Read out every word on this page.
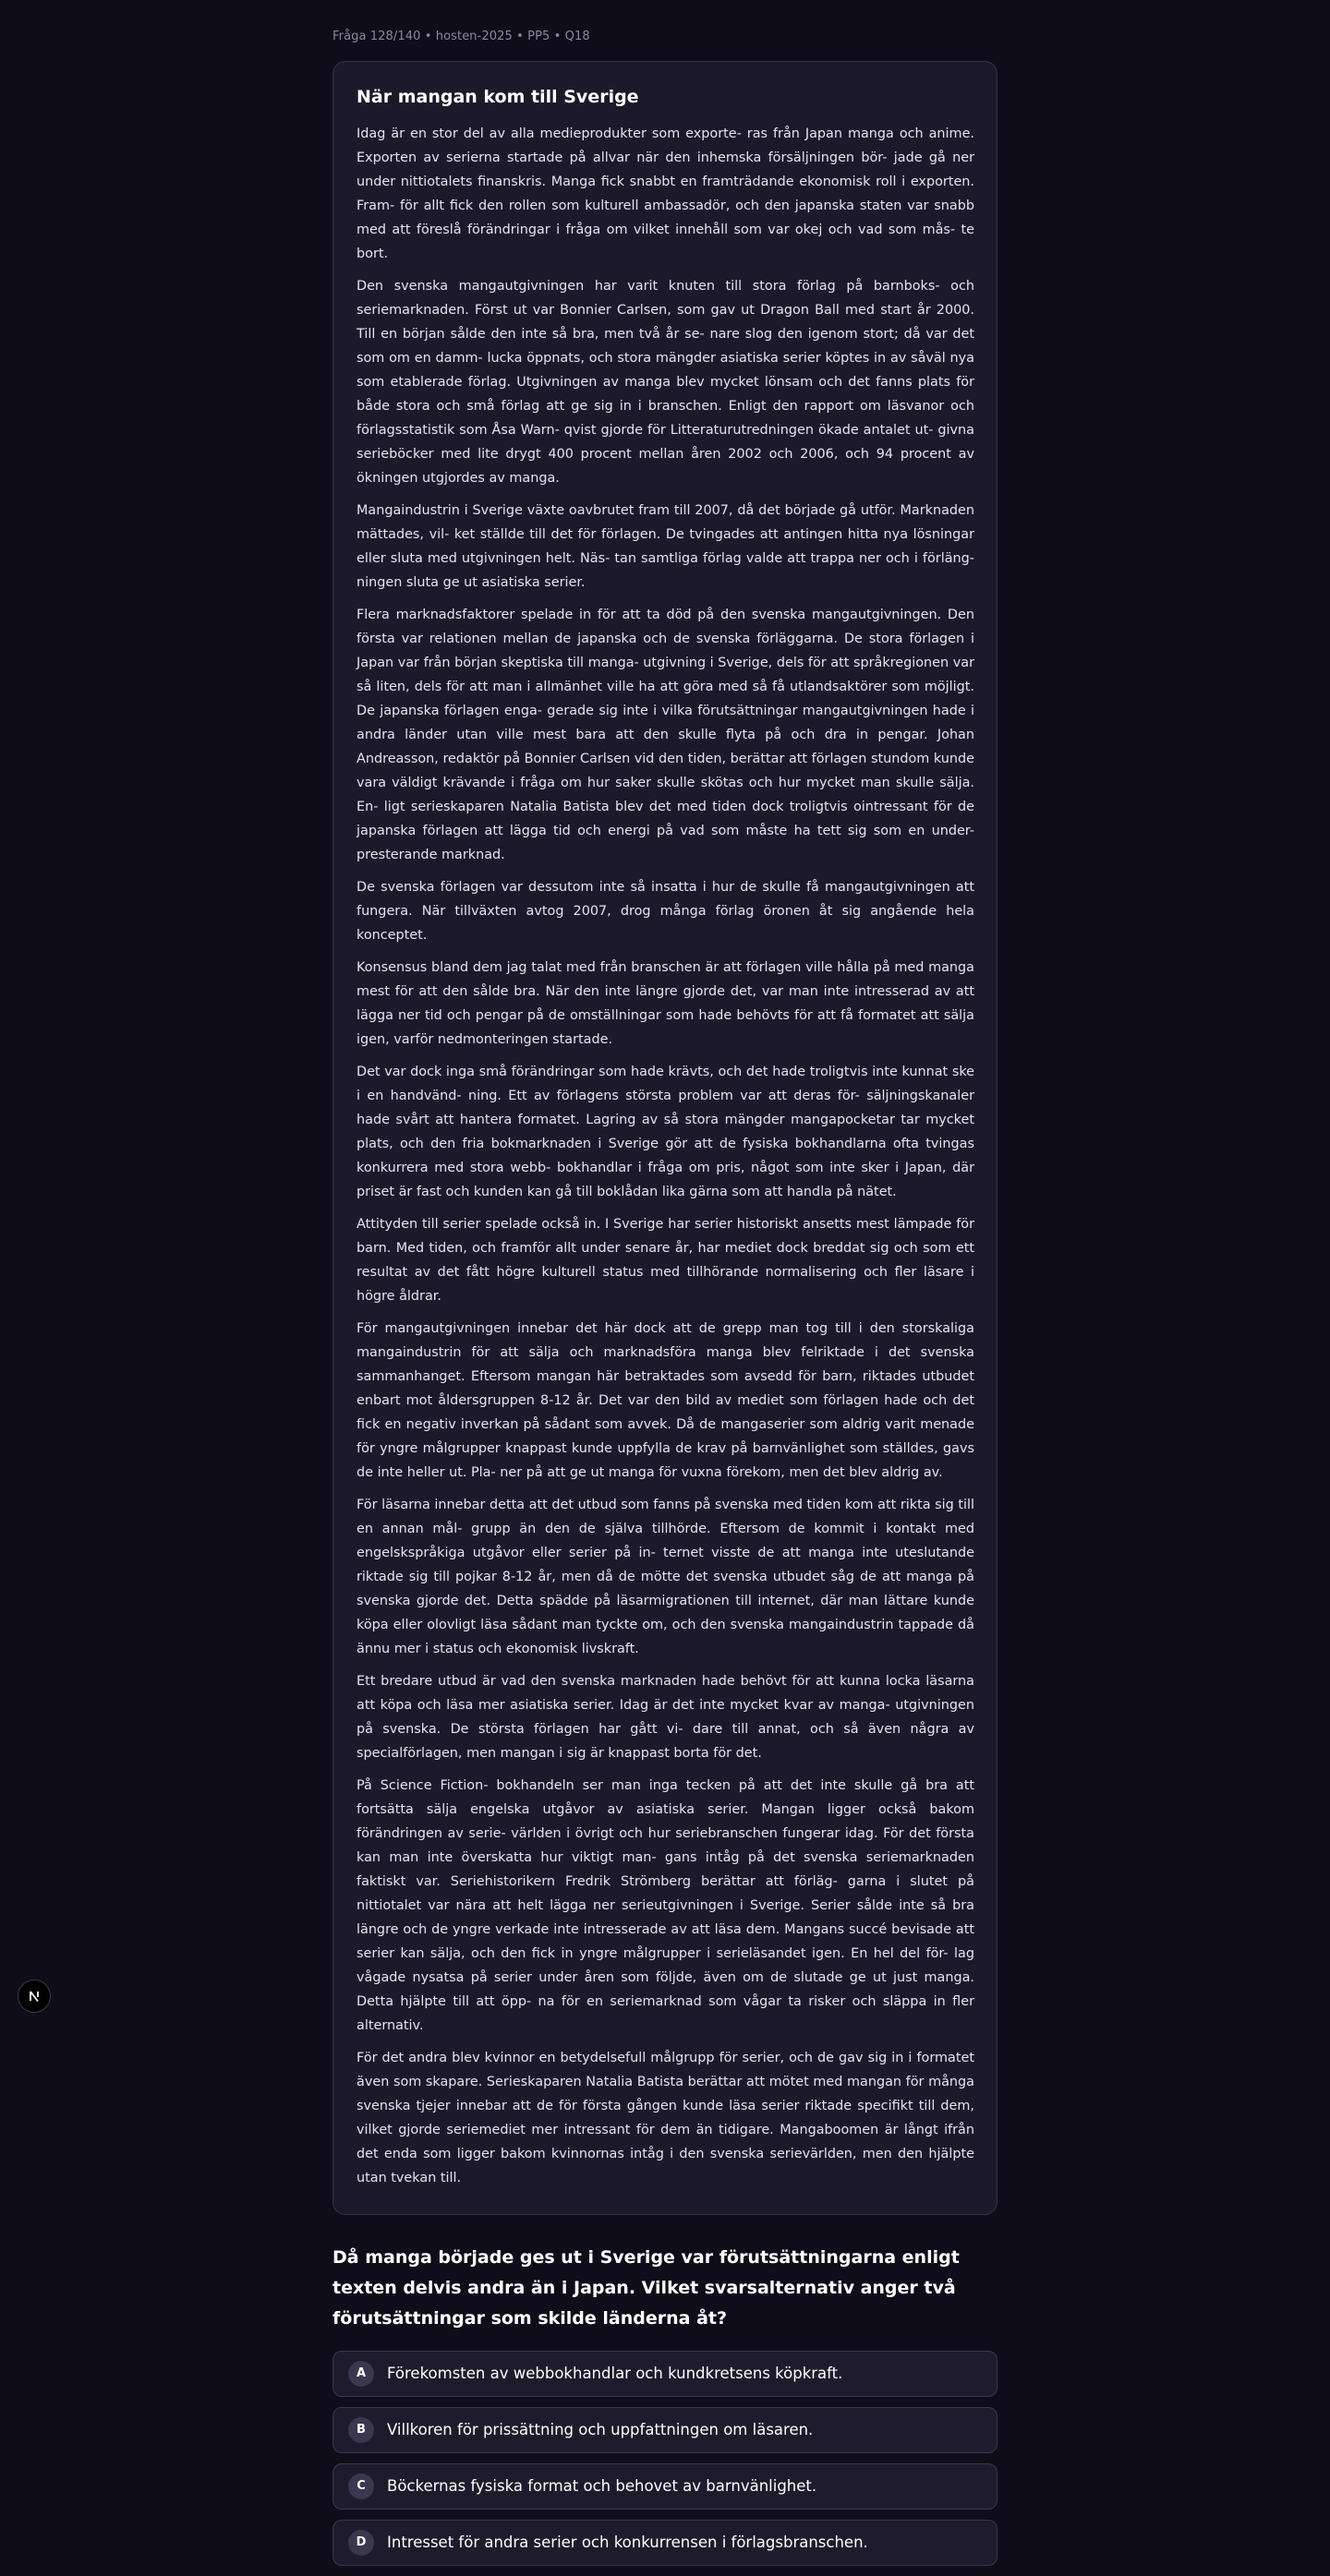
Fråga 128/140 • hosten-2025 • PP5 • Q18
När mangan kom till Sverige

Idag är en stor del av alla medieprodukter som exporte- ras från Japan manga och anime. Exporten av serierna startade på allvar när den inhemska försäljningen bör- jade gå ner under nittiotalets finanskris. Manga fick snabbt en framträdande ekonomisk roll i exporten. Fram- för allt fick den rollen som kulturell ambassadör, och den japanska staten var snabb med att föreslå förändringar i fråga om vilket innehåll som var okej och vad som mås- te bort.

Den svenska mangautgivningen har varit knuten till stora förlag på barnboks- och seriemarknaden. Först ut var Bonnier Carlsen, som gav ut Dragon Ball med start år 2000. Till en början sålde den inte så bra, men två år se- nare slog den igenom stort; då var det som om en damm- lucka öppnats, och stora mängder asiatiska serier köptes in av såväl nya som etablerade förlag. Utgivningen av manga blev mycket lönsam och det fanns plats för både stora och små förlag att ge sig in i branschen. Enligt den rapport om läsvanor och förlagsstatistik som Åsa Warn- qvist gjorde för Litteraturutredningen ökade antalet ut- givna serieböcker med lite drygt 400 procent mellan åren 2002 och 2006, och 94 procent av ökningen utgjordes av manga.

Mangaindustrin i Sverige växte oavbrutet fram till 2007, då det började gå utför. Marknaden mättades, vil- ket ställde till det för förlagen. De tvingades att antingen hitta nya lösningar eller sluta med utgivningen helt. Näs- tan samtliga förlag valde att trappa ner och i förläng- ningen sluta ge ut asiatiska serier.

Flera marknadsfaktorer spelade in för att ta död på den svenska mangautgivningen. Den första var relationen mellan de japanska och de svenska förläggarna. De stora förlagen i Japan var från början skeptiska till manga- utgivning i Sverige, dels för att språkregionen var så liten, dels för att man i allmänhet ville ha att göra med så få utlandsaktörer som möjligt. De japanska förlagen enga- gerade sig inte i vilka förutsättningar mangautgivningen hade i andra länder utan ville mest bara att den skulle flyta på och dra in pengar. Johan Andreasson, redaktör på Bonnier Carlsen vid den tiden, berättar att förlagen stundom kunde vara väldigt krävande i fråga om hur saker skulle skötas och hur mycket man skulle sälja. En- ligt serieskaparen Natalia Batista blev det med tiden dock troligtvis ointressant för de japanska förlagen att lägga tid och energi på vad som måste ha tett sig som en under- presterande marknad.

De svenska förlagen var dessutom inte så insatta i hur de skulle få mangautgivningen att fungera. När tillväxten avtog 2007, drog många förlag öronen åt sig angående hela konceptet.

Konsensus bland dem jag talat med från branschen är att förlagen ville hålla på med manga mest för att den sålde bra. När den inte längre gjorde det, var man inte intresserad av att lägga ner tid och pengar på de omställningar som hade behövts för att få formatet att sälja igen, varför nedmonteringen startade.

Det var dock inga små förändringar som hade krävts, och det hade troligtvis inte kunnat ske i en handvänd- ning. Ett av förlagens största problem var att deras för- säljningskanaler hade svårt att hantera formatet. Lagring av så stora mängder mangapocketar tar mycket plats, och den fria bokmarknaden i Sverige gör att de fysiska bokhandlarna ofta tvingas konkurrera med stora webb- bokhandlar i fråga om pris, något som inte sker i Japan, där priset är fast och kunden kan gå till boklådan lika gärna som att handla på nätet.

Attityden till serier spelade också in. I Sverige har serier historiskt ansetts mest lämpade för barn. Med tiden, och framför allt under senare år, har mediet dock breddat sig och som ett resultat av det fått högre kulturell status med tillhörande normalisering och fler läsare i högre åldrar.

För mangautgivningen innebar det här dock att de grepp man tog till i den storskaliga mangaindustrin för att sälja och marknadsföra manga blev felriktade i det svenska sammanhanget. Eftersom mangan här betraktades som avsedd för barn, riktades utbudet enbart mot åldersgruppen 8-12 år. Det var den bild av mediet som förlagen hade och det fick en negativ inverkan på sådant som avvek. Då de mangaserier som aldrig varit menade för yngre målgrupper knappast kunde uppfylla de krav på barnvänlighet som ställdes, gavs de inte heller ut. Pla- ner på att ge ut manga för vuxna förekom, men det blev aldrig av.

För läsarna innebar detta att det utbud som fanns på svenska med tiden kom att rikta sig till en annan mål- grupp än den de själva tillhörde. Eftersom de kommit i kontakt med engelskspråkiga utgåvor eller serier på in- ternet visste de att manga inte uteslutande riktade sig till pojkar 8-12 år, men då de mötte det svenska utbudet såg de att manga på svenska gjorde det. Detta spädde på läsarmigrationen till internet, där man lättare kunde köpa eller olovligt läsa sådant man tyckte om, och den svenska mangaindustrin tappade då ännu mer i status och ekonomisk livskraft.

Ett bredare utbud är vad den svenska marknaden hade behövt för att kunna locka läsarna att köpa och läsa mer asiatiska serier. Idag är det inte mycket kvar av manga- utgivningen på svenska. De största förlagen har gått vi- dare till annat, och så även några av specialförlagen, men mangan i sig är knappast borta för det.

På Science Fiction- bokhandeln ser man inga tecken på att det inte skulle gå bra att fortsätta sälja engelska utgåvor av asiatiska serier. Mangan ligger också bakom förändringen av serie- världen i övrigt och hur seriebranschen fungerar idag. För det första kan man inte överskatta hur viktigt man- gans intåg på det svenska seriemarknaden faktiskt var. Seriehistorikern Fredrik Strömberg berättar att förläg- garna i slutet på nittiotalet var nära att helt lägga ner serieutgivningen i Sverige. Serier sålde inte så bra längre och de yngre verkade inte intresserade av att läsa dem. Mangans succé bevisade att serier kan sälja, och den fick in yngre målgrupper i serieläsandet igen. En hel del för- lag vågade nysatsa på serier under åren som följde, även om de slutade ge ut just manga. Detta hjälpte till att öpp- na för en seriemarknad som vågar ta risker och släppa in fler alternativ.

För det andra blev kvinnor en betydelsefull målgrupp för serier, och de gav sig in i formatet även som skapare. Serieskaparen Natalia Batista berättar att mötet med mangan för många svenska tjejer innebar att de för första gången kunde läsa serier riktade specifikt till dem, vilket gjorde seriemediet mer intressant för dem än tidigare. Mangaboomen är långt ifrån det enda som ligger bakom kvinnornas intåg i den svenska serievärlden, men den hjälpte utan tvekan till.

Då manga började ges ut i Sverige var förutsättningarna enligt texten delvis andra än i Japan. Vilket svarsalternativ anger två förutsättningar som skilde länderna åt?
A	Förekomsten av webbokhandlar och kundkretsens köpkraft.
B	Villkoren för prissättning och uppfattningen om läsaren.
C	Böckernas fysiska format och behovet av barnvänlighet.
D	Intresset för andra serier och konkurrensen i förlagsbranschen.
